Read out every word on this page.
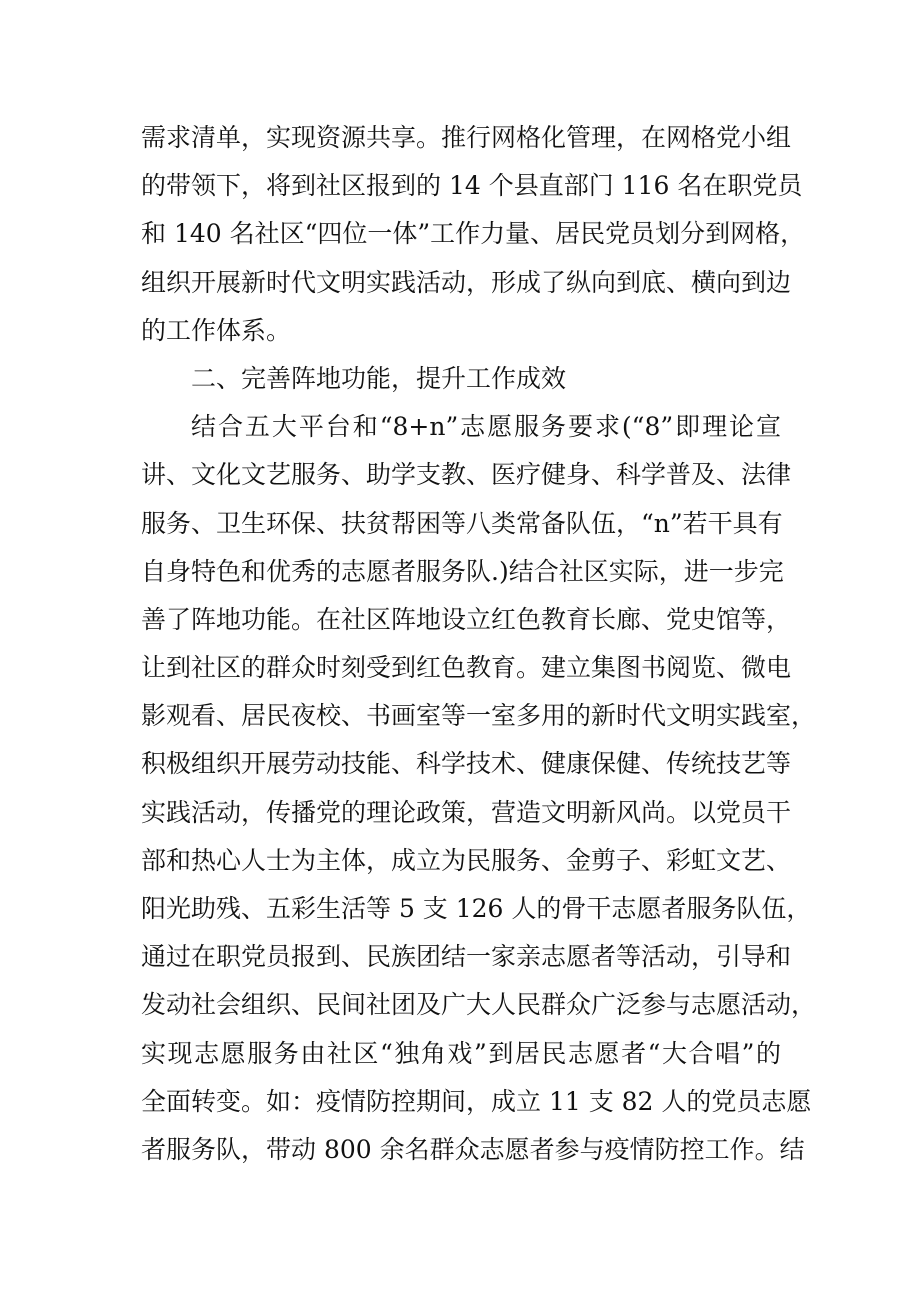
需求清单，实现资源共享。推行网格化管理，在网格党小组
的带领下，将到社区报到的 14 个县直部门 116 名在职党员
和 140 名社区“四位一体”工作力量、居民党员划分到网格，
组织开展新时代文明实践活动，形成了纵向到底、横向到边
的工作体系。
二、完善阵地功能，提升工作成效
结合五大平台和“8+n”志愿服务要求(“8”即理论宣
讲、文化文艺服务、助学支教、医疗健身、科学普及、法律
服务、卫生环保、扶贫帮困等八类常备队伍，“n”若干具有
自身特色和优秀的志愿者服务队.)结合社区实际，进一步完
善了阵地功能。在社区阵地设立红色教育长廊、党史馆等，
让到社区的群众时刻受到红色教育。建立集图书阅览、微电
影观看、居民夜校、书画室等一室多用的新时代文明实践室，
积极组织开展劳动技能、科学技术、健康保健、传统技艺等
实践活动，传播党的理论政策，营造文明新风尚。以党员干
部和热心人士为主体，成立为民服务、金剪子、彩虹文艺、
阳光助残、五彩生活等 5 支 126 人的骨干志愿者服务队伍，
通过在职党员报到、民族团结一家亲志愿者等活动，引导和
发动社会组织、民间社团及广大人民群众广泛参与志愿活动，
实现志愿服务由社区“独角戏”到居民志愿者“大合唱”的
全面转变。如：疫情防控期间，成立 11 支 82 人的党员志愿
者服务队，带动 800 余名群众志愿者参与疫情防控工作。结
